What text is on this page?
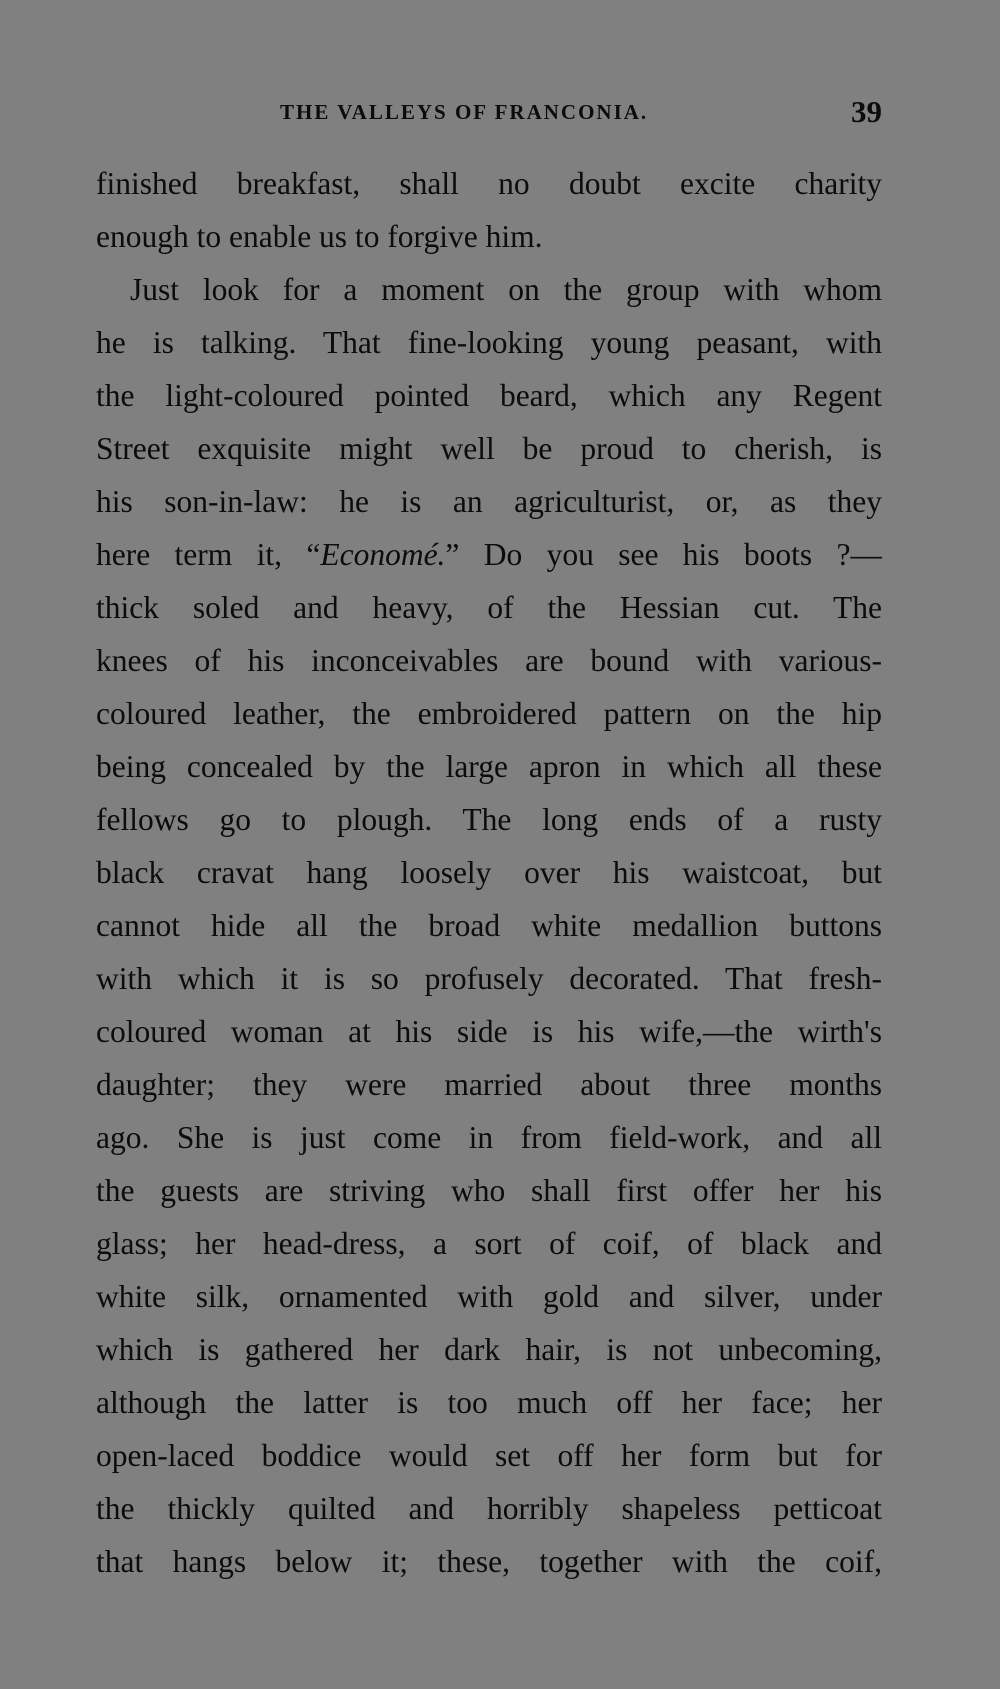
THE VALLEYS OF FRANCONIA.	39
finished breakfast, shall no doubt excite charity
enough to enable us to forgive him.
Just look for a moment on the group with whom
he is talking. That fine-looking young peasant, with
the light-coloured pointed beard, which any Regent
Street exquisite might well be proud to cherish, is
his son-in-law: he is an agriculturist, or, as they
here term it, “Economé.” Do you see his boots ?—
thick soled and heavy, of the Hessian cut. The
knees of his inconceivables are bound with various-
coloured leather, the embroidered pattern on the hip
being concealed by the large apron in which all these
fellows go to plough. The long ends of a rusty
black cravat hang loosely over his waistcoat, but
cannot hide all the broad white medallion buttons
with which it is so profusely decorated. That fresh-
coloured woman at his side is his wife,—the wirth's
daughter; they were married about three months
ago. She is just come in from field-work, and all
the guests are striving who shall first offer her his
glass; her head-dress, a sort of coif, of black and
white silk, ornamented with gold and silver, under
which is gathered her dark hair, is not unbecoming,
although the latter is too much off her face; her
open-laced boddice would set off her form but for
the thickly quilted and horribly shapeless petticoat
that hangs below it; these, together with the coif,
